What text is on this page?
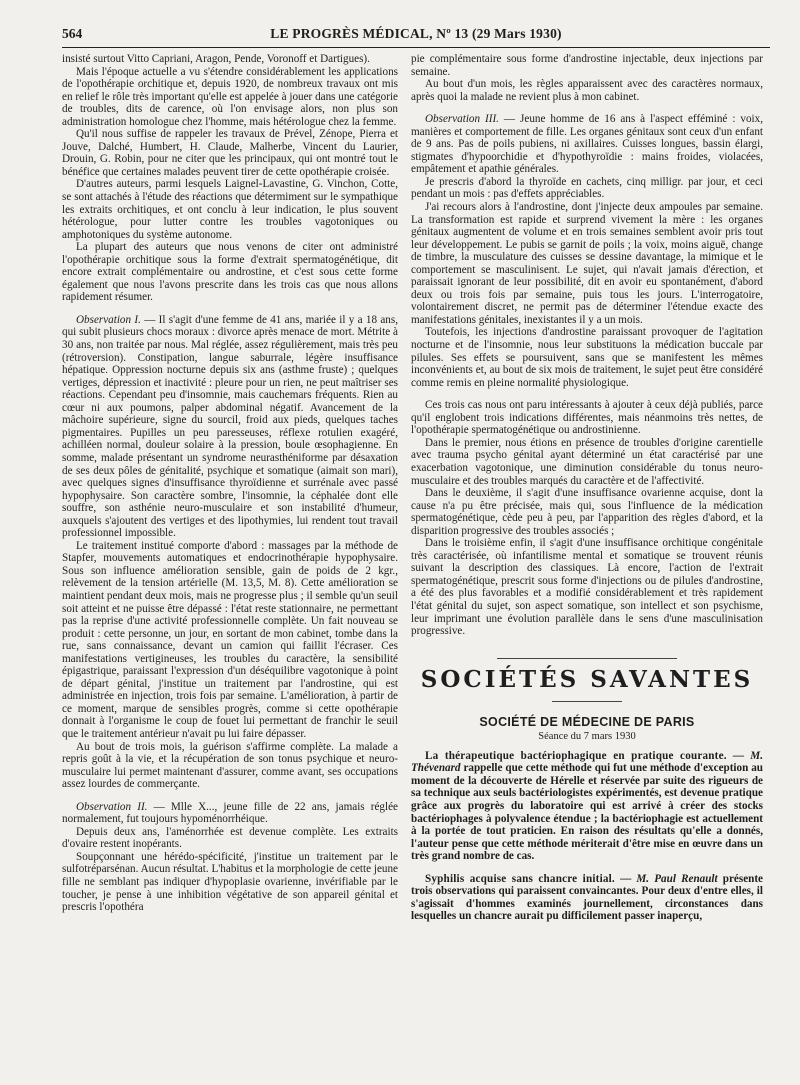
564	LE PROGRÈS MÉDICAL, Nº 13 (29 Mars 1930)

insisté surtout Vitto Capriani, Aragon, Pende, Voronoff et Dartigues).

Mais l'époque actuelle a vu s'étendre considérablement les applications de l'opothérapie orchitique et, depuis 1920, de nombreux travaux ont mis en relief le rôle très important qu'elle est appelée à jouer dans une catégorie de troubles, dits de carence, où l'on envisage alors, non plus son administration homologue chez l'homme, mais hétérologue chez la femme.

Qu'il nous suffise de rappeler les travaux de Prével, Zénope, Pierra et Jouve, Dalché, Humbert, H. Claude, Malherbe, Vincent du Laurier, Drouin, G. Robin, pour ne citer que les principaux, qui ont montré tout le bénéfice que certaines malades peuvent tirer de cette opothérapie croisée.

D'autres auteurs, parmi lesquels Laignel-Lavastine, G. Vinchon, Cotte, se sont attachés à l'étude des réactions que détermiment sur le sympathique les extraits orchitiques, et ont conclu à leur indication, le plus souvent hétérologue, pour lutter contre les troubles vagotoniques ou amphotoniques du système autonome.

La plupart des auteurs que nous venons de citer ont administré l'opothérapie orchitique sous la forme d'extrait spermatogénétique, dit encore extrait complémentaire ou androstine, et c'est sous cette forme également que nous l'avons prescrite dans les trois cas que nous allons rapidement résumer.

Observation I. — Il s'agit d'une femme de 41 ans, mariée il y a 18 ans, qui subit plusieurs chocs moraux : divorce après menace de mort. Métrite à 30 ans, non traitée par nous. Mal réglée, assez régulièrement, mais très peu (rétroversion). Constipation, langue saburrale, légère insuffisance hépatique. Oppression nocturne depuis six ans (asthme fruste) ; quelques vertiges, dépression et inactivité : pleure pour un rien, ne peut maîtriser ses réactions. Cependant peu d'insomnie, mais cauchemars fréquents. Rien au cœur ni aux poumons, palper abdominal négatif. Avancement de la mâchoire supérieure, signe du sourcil, froid aux pieds, quelques taches pigmentaires. Pupilles un peu paresseuses, réflexe rotulien exagéré, achilléen normal, douleur solaire à la pression, boule œsophagienne. En somme, malade présentant un syndrome neurasthéniforme par désaxation de ses deux pôles de génitalité, psychique et somatique (aimait son mari), avec quelques signes d'insuffisance thyroïdienne et surrénale avec passé hypophysaire. Son caractère sombre, l'insomnie, la céphalée dont elle souffre, son asthénie neuro-musculaire et son instabilité d'humeur, auxquels s'ajoutent des vertiges et des lipothymies, lui rendent tout travail professionnel impossible.

Le traitement institué comporte d'abord : massages par la méthode de Stapfer, mouvements automatiques et endocrinothérapie hypophysaire. Sous son influence amélioration sensible, gain de poids de 2 kgr., relèvement de la tension artérielle (M. 13,5, M. 8). Cette amélioration se maintient pendant deux mois, mais ne progresse plus ; il semble qu'un seuil soit atteint et ne puisse être dépassé : l'état reste stationnaire, ne permettant pas la reprise d'une activité professionnelle complète. Un fait nouveau se produit : cette personne, un jour, en sortant de mon cabinet, tombe dans la rue, sans connaissance, devant un camion qui faillit l'écraser. Ces manifestations vertigineuses, les troubles du caractère, la sensibilité épigastrique, paraissant l'expression d'un déséquilibre vagotonique à point de départ génital, j'institue un traitement par l'androstine, qui est administrée en injection, trois fois par semaine. L'amélioration, à partir de ce moment, marque de sensibles progrès, comme si cette opothérapie donnait à l'organisme le coup de fouet lui permettant de franchir le seuil que le traitement antérieur n'avait pu lui faire dépasser.

Au bout de trois mois, la guérison s'affirme complète. La malade a repris goût à la vie, et la récupération de son tonus psychique et neuro-musculaire lui permet maintenant d'assurer, comme avant, ses occupations assez lourdes de commerçante.

Observation II. — Mlle X..., jeune fille de 22 ans, jamais réglée normalement, fut toujours hypoménorrhéique.

Depuis deux ans, l'aménorrhée est devenue complète. Les extraits d'ovaire restent inopérants.

Soupçonnant une hérédo-spécificité, j'institue un traitement par le sulfotréparsénan. Aucun résultat. L'habitus et la morphologie de cette jeune fille ne semblant pas indiquer d'hypoplasie ovarienne, invérifiable par le toucher, je pense à une inhibition végétative de son appareil génital et prescris l'opothéra

pie complémentaire sous forme d'androstine injectable, deux injections par semaine.

Au bout d'un mois, les règles apparaissent avec des caractères normaux, après quoi la malade ne revient plus à mon cabinet.

Observation III. — Jeune homme de 16 ans à l'aspect efféminé : voix, manières et comportement de fille. Les organes génitaux sont ceux d'un enfant de 9 ans. Pas de poils pubiens, ni axillaires. Cuisses longues, bassin élargi, stigmates d'hypoorchidie et d'hypothyroïdie : mains froides, violacées, empâtement et apathie générales.

Je prescris d'abord la thyroïde en cachets, cinq milligr. par jour, et ceci pendant un mois : pas d'effets appréciables.

J'ai recours alors à l'androstine, dont j'injecte deux ampoules par semaine. La transformation est rapide et surprend vivement la mère : les organes génitaux augmentent de volume et en trois semaines semblent avoir pris tout leur développement. Le pubis se garnit de poils ; la voix, moins aiguë, change de timbre, la musculature des cuisses se dessine davantage, la mimique et le comportement se masculinisent. Le sujet, qui n'avait jamais d'érection, et paraissait ignorant de leur possibilité, dit en avoir eu spontanément, d'abord deux ou trois fois par semaine, puis tous les jours. L'interrogatoire, volontairement discret, ne permit pas de déterminer l'étendue exacte des manifestations génitales, inexistantes il y a un mois.

Toutefois, les injections d'androstine paraissant provoquer de l'agitation nocturne et de l'insomnie, nous leur substituons la médication buccale par pilules. Ses effets se poursuivent, sans que se manifestent les mêmes inconvénients et, au bout de six mois de traitement, le sujet peut être considéré comme remis en pleine normalité physiologique.

Ces trois cas nous ont paru intéressants à ajouter à ceux déjà publiés, parce qu'il englobent trois indications différentes, mais néanmoins très nettes, de l'opothérapie spermatogénétique ou androstinienne.

Dans le premier, nous étions en présence de troubles d'origine carentielle avec trauma psycho génital ayant déterminé un état caractérisé par une exacerbation vagotonique, une diminution considérable du tonus neuro-musculaire et des troubles marqués du caractère et de l'affectivité.

Dans le deuxième, il s'agit d'une insuffisance ovarienne acquise, dont la cause n'a pu être précisée, mais qui, sous l'influence de la médication spermatogénétique, cède peu à peu, par l'apparition des règles d'abord, et la disparition progressive des troubles associés ;

Dans le troisième enfin, il s'agit d'une insuffisance orchitique congénitale très caractérisée, où infantilisme mental et somatique se trouvent réunis suivant la description des classiques. Là encore, l'action de l'extrait spermatogénétique, prescrit sous forme d'injections ou de pilules d'androstine, a été des plus favorables et a modifié considérablement et très rapidement l'état génital du sujet, son aspect somatique, son intellect et son psychisme, leur imprimant une évolution parallèle dans le sens d'une masculinisation progressive.

SOCIÉTÉS SAVANTES
SOCIÉTÉ DE MÉDECINE DE PARIS
Séance du 7 mars 1930

La thérapeutique bactériophagique en pratique courante. — M. Thévenard rappelle que cette méthode qui fut une méthode d'exception au moment de la découverte de Hérelle et réservée par suite des rigueurs de sa technique aux seuls bactériologistes expérimentés, est devenue pratique grâce aux progrès du laboratoire qui est arrivé à créer des stocks bactériophages à polyvalence étendue ; la bactériophagie est actuellement à la portée de tout praticien. En raison des résultats qu'elle a donnés, l'auteur pense que cette méthode mériterait d'être mise en œuvre dans un très grand nombre de cas.

Syphilis acquise sans chancre initial. — M. Paul Renault présente trois observations qui paraissent convaincantes. Pour deux d'entre elles, il s'agissait d'hommes examinés journellement, circonstances dans lesquelles un chancre aurait pu difficilement passer inaperçu,
